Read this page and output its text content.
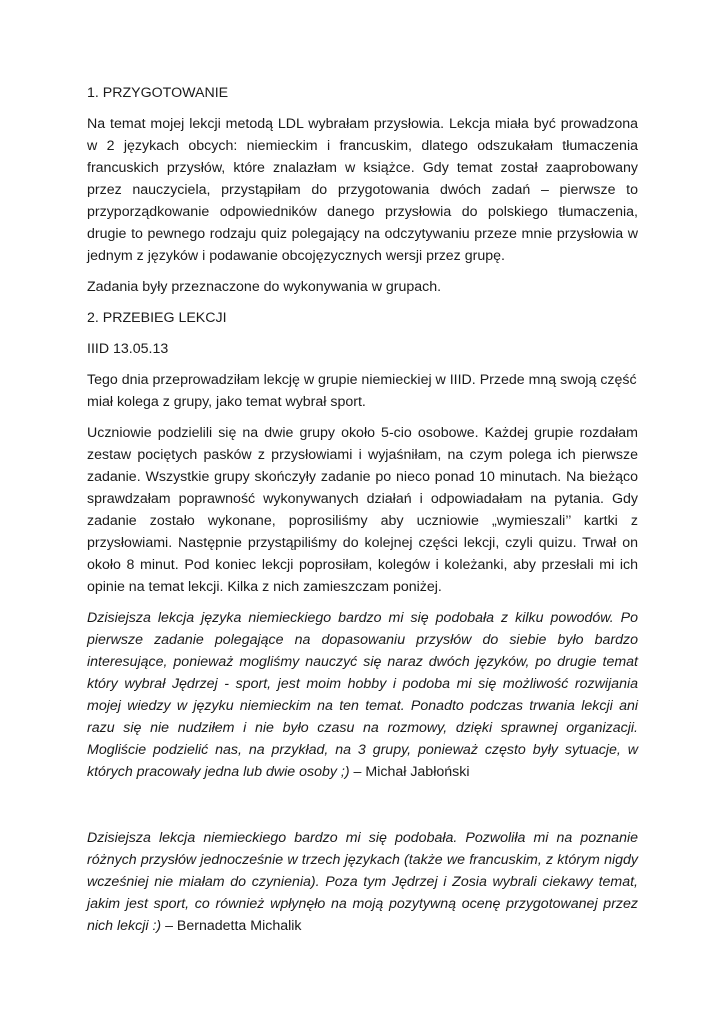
1. PRZYGOTOWANIE

Na temat mojej lekcji metodą LDL wybrałam przysłowia. Lekcja miała być prowadzona w 2 językach obcych: niemieckim i francuskim, dlatego odszukałam tłumaczenia francuskich przysłów, które znalazłam w książce. Gdy temat został zaaprobowany przez nauczyciela, przystąpiłam do przygotowania dwóch zadań – pierwsze to przyporządkowanie odpowiedników danego przysłowia do polskiego tłumaczenia, drugie to pewnego rodzaju quiz polegający na odczytywaniu przeze mnie przysłowia w jednym z języków i podawanie obcojęzycznych wersji przez grupę.

Zadania były przeznaczone do wykonywania w grupach.

2. PRZEBIEG LEKCJI

IIID 13.05.13

Tego dnia przeprowadziłam lekcję w grupie niemieckiej w IIID. Przede mną swoją część miał kolega z grupy, jako temat wybrał sport.

Uczniowie podzielili się na dwie grupy około 5-cio osobowe. Każdej grupie rozdałam zestaw pociętych pasków z przysłowiami i wyjaśniłam, na czym polega ich pierwsze zadanie. Wszystkie grupy skończyły zadanie po nieco ponad 10 minutach. Na bieżąco sprawdzałam poprawność wykonywanych działań i odpowiadałam na pytania. Gdy zadanie zostało wykonane, poprosiliśmy aby uczniowie „wymieszali’’ kartki z przysłowiami. Następnie przystąpiliśmy do kolejnej części lekcji, czyli quizu. Trwał on około 8 minut. Pod koniec lekcji poprosiłam, kolegów i koleżanki, aby przesłali mi ich opinie na temat lekcji. Kilka z nich zamieszczam poniżej.

Dzisiejsza lekcja języka niemieckiego bardzo mi się podobała z kilku powodów. Po pierwsze zadanie polegające na dopasowaniu przysłów do siebie było bardzo interesujące, ponieważ mogliśmy nauczyć się naraz dwóch języków, po drugie temat który wybrał Jędrzej - sport, jest moim hobby i podoba mi się możliwość rozwijania mojej wiedzy w języku niemieckim na ten temat. Ponadto podczas trwania lekcji ani razu się nie nudziłem i nie było czasu na rozmowy, dzięki sprawnej organizacji. Mogliście podzielić nas, na przykład, na 3 grupy, ponieważ często były sytuacje, w których pracowały jedna lub dwie osoby ;) – Michał Jabłoński

Dzisiejsza lekcja niemieckiego bardzo mi się podobała. Pozwoliła mi na poznanie różnych przysłów jednocześnie w trzech językach (także we francuskim, z którym nigdy wcześniej nie miałam do czynienia). Poza tym Jędrzej i Zosia wybrali ciekawy temat, jakim jest sport, co również wpłynęło na moją pozytywną ocenę przygotowanej przez nich lekcji :) – Bernadetta Michalik
